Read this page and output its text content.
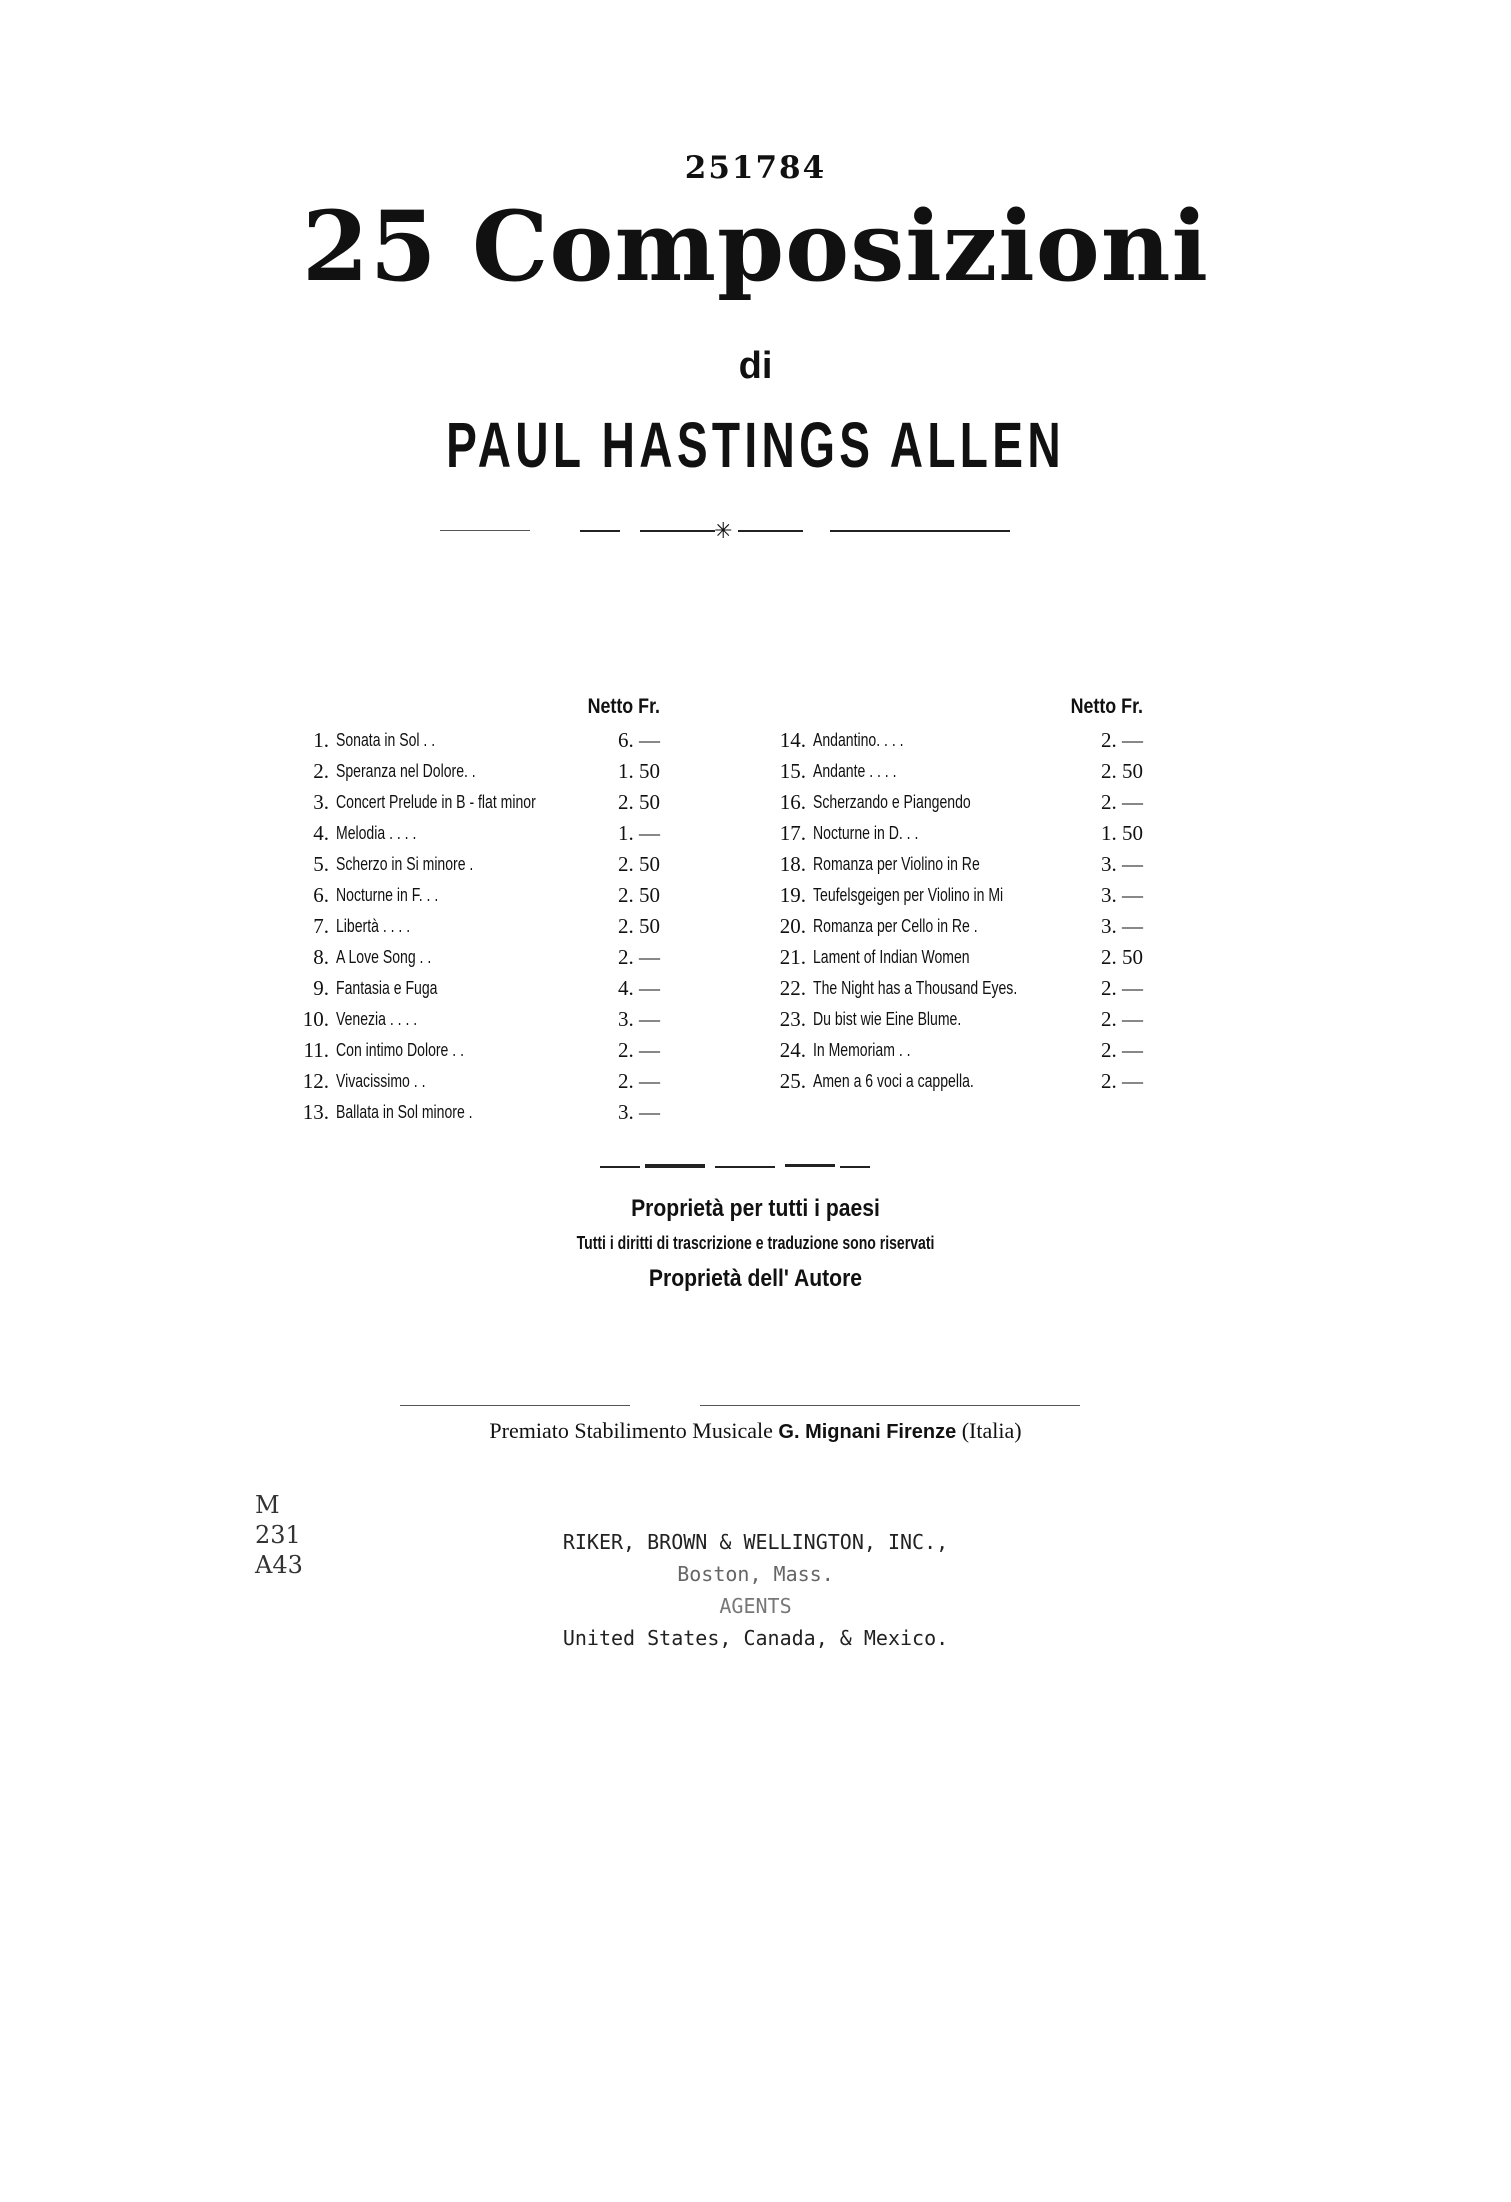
251784
25 Composizioni
di
PAUL HASTINGS ALLEN
✳
Netto Fr.	Netto Fr.
1. Sonata in Sol . .	6. —
2. Speranza nel Dolore. .	1. 50
3. Concert Prelude in B - flat minor	2. 50
4. Melodia . . . .	1. —
5. Scherzo in Si minore .	2. 50
6. Nocturne in F. . .	2. 50
7. Libertà . . . .	2. 50
8. A Love Song . .	2. —
9. Fantasia e Fuga	4. —
10. Venezia . . . .	3. —
11. Con intimo Dolore . .	2. —
12. Vivacissimo . .	2. —
13. Ballata in Sol minore .	3. —
14. Andantino. . . .	2. —
15. Andante . . . .	2. 50
16. Scherzando e Piangendo	2. —
17. Nocturne in D. . .	1. 50
18. Romanza per Violino in Re	3. —
19. Teufelsgeigen per Violino in Mi	3. —
20. Romanza per Cello in Re .	3. —
21. Lament of Indian Women	2. 50
22. The Night has a Thousand Eyes.	2. —
23. Du bist wie Eine Blume.	2. —
24. In Memoriam . .	2. —
25. Amen a 6 voci a cappella.	2. —
Proprietà per tutti i paesi
Tutti i diritti di trascrizione e traduzione sono riservati
Proprietà dell' Autore
Premiato Stabilimento Musicale G. Mignani Firenze (Italia)
RIKER, BROWN & WELLINGTON, INC.,
Boston, Mass.
AGENTS
United States, Canada, & Mexico.
M
231
A43
